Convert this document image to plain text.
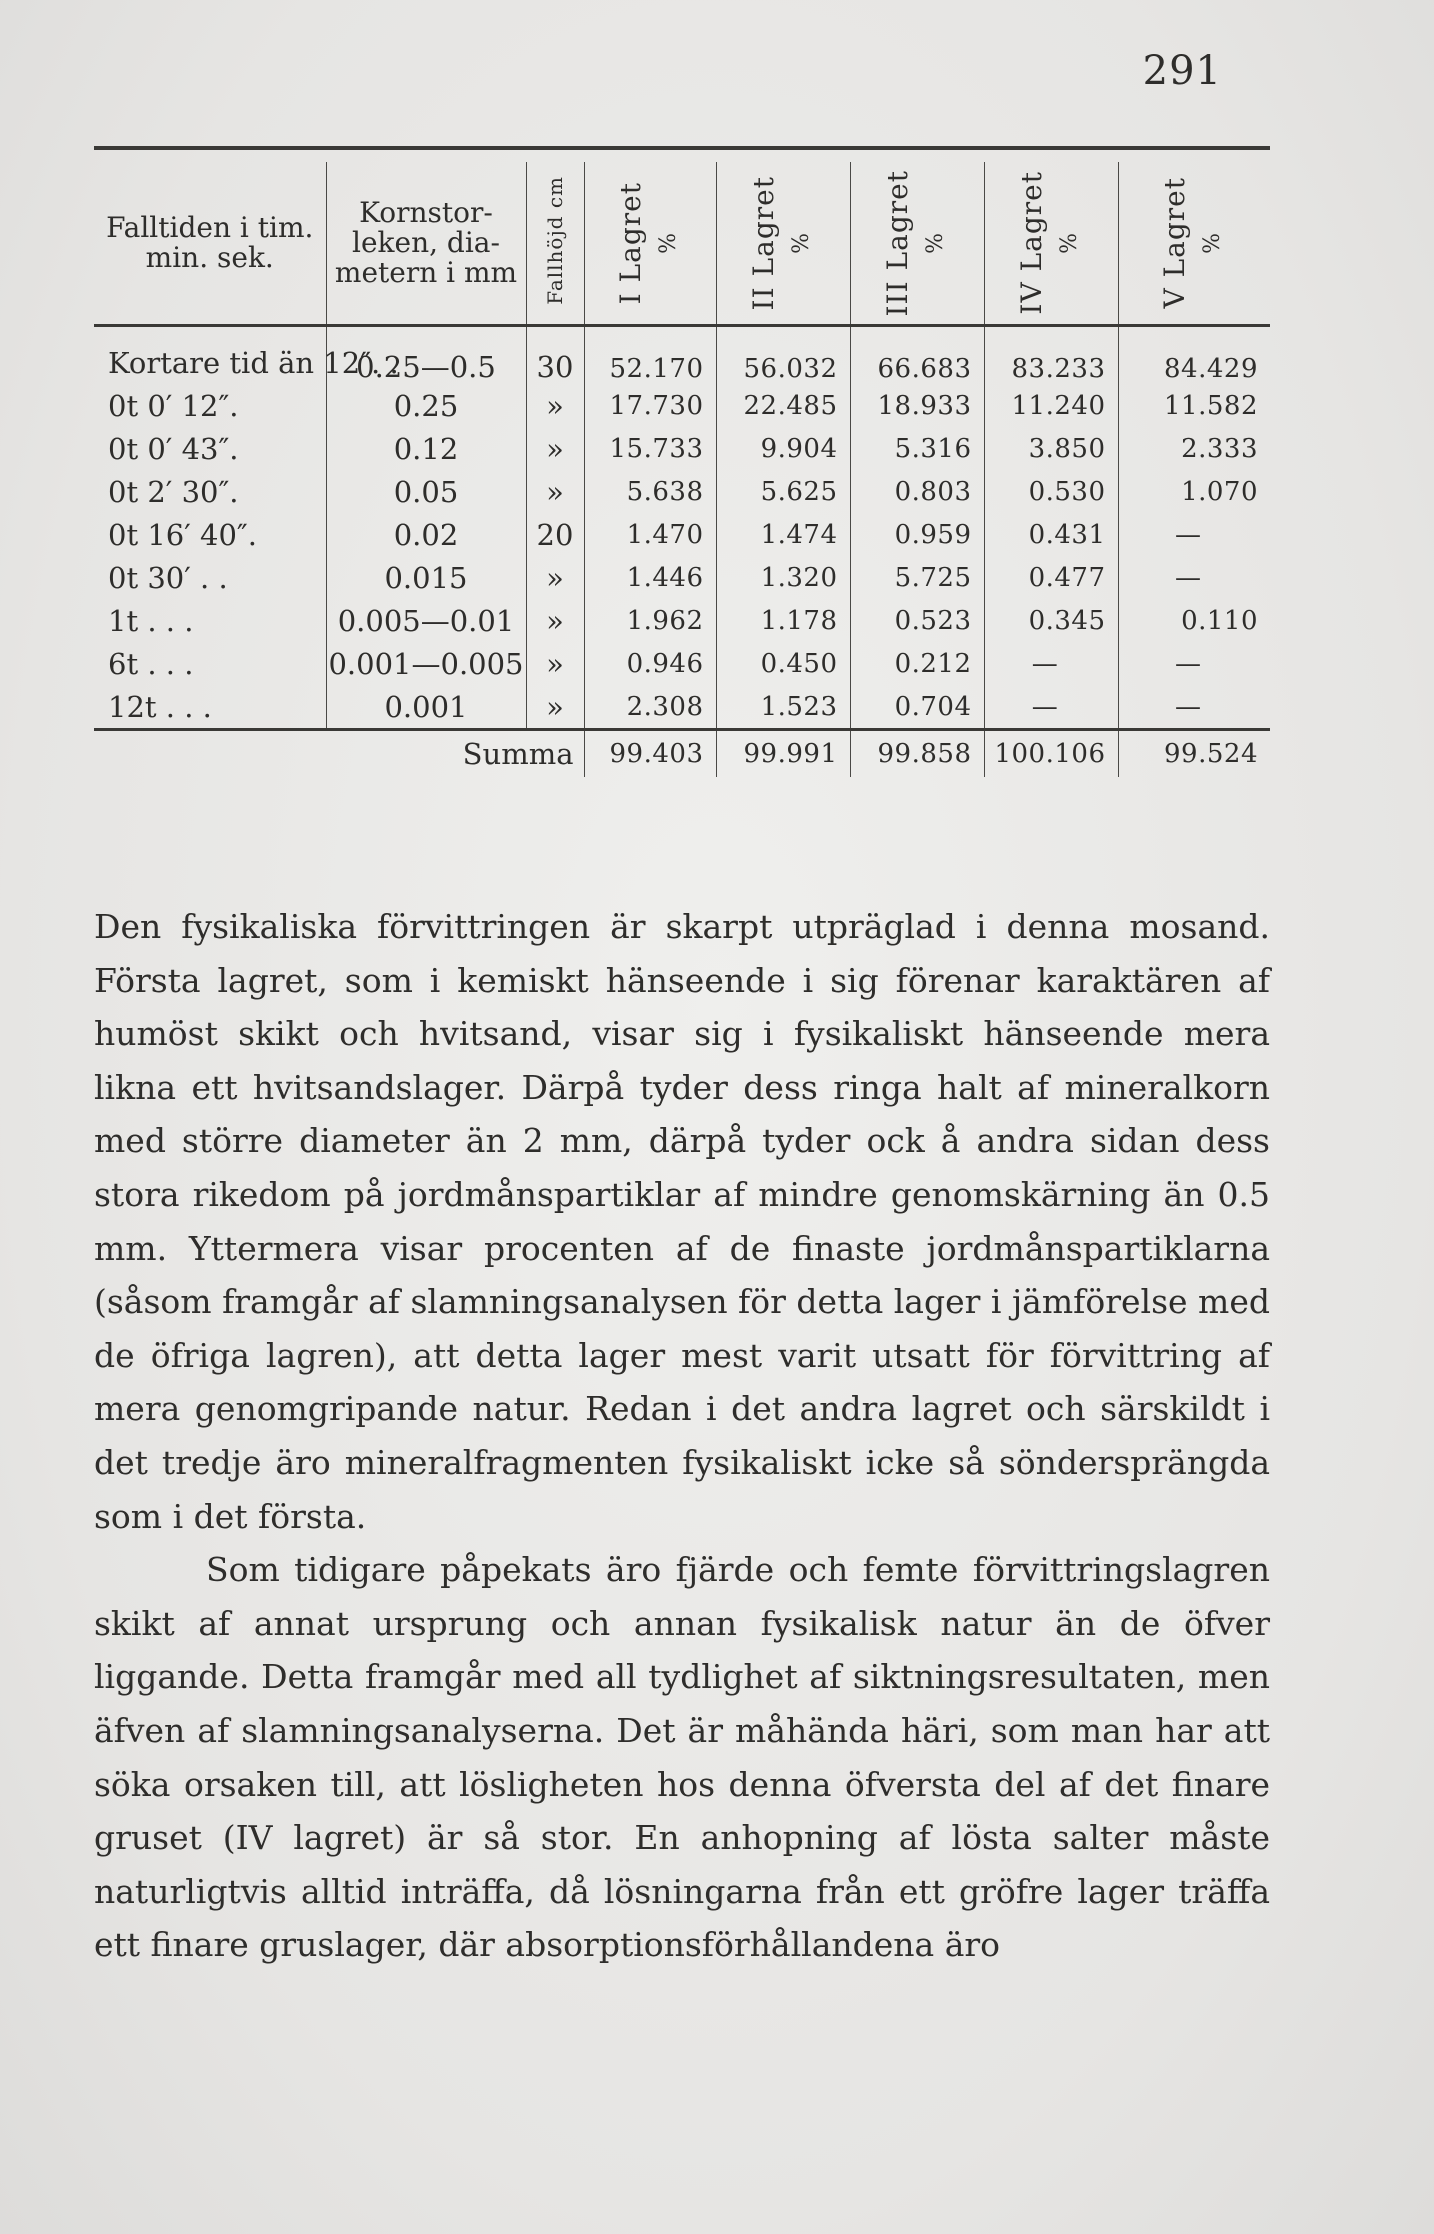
291
Falltiden i tim. min. sek.	Kornstor- leken, dia- metern i mm	Fallhöjd cm	I Lagret %	II Lagret %	III Lagret %	IV Lagret %	V Lagret %

Kortare tid än 12″. .	0.25—0.5	30	52.170	56.032	66.683	83.233	84.429
0t 0′ 12″.	0.25	»	17.730	22.485	18.933	11.240	11.582
0t 0′ 43″.	0.12	»	15.733	9.904	5.316	3.850	2.333
0t 2′ 30″.	0.05	»	5.638	5.625	0.803	0.530	1.070
0t 16′ 40″.	0.02	20	1.470	1.474	0.959	0.431	—
0t 30′ . .	0.015	»	1.446	1.320	5.725	0.477	—
1t . . .	0.005—0.01	»	1.962	1.178	0.523	0.345	0.110
6t . . .	0.001—0.005	»	0.946	0.450	0.212	—	—
12t . . .	0.001	»	2.308	1.523	0.704	—	—
	Summa		99.403	99.991	99.858	100.106	99.524

Den fysikaliska förvittringen är skarpt utpräglad i denna mosand. Första lagret, som i kemiskt hänseende i sig förenar karaktären af humöst skikt och hvitsand, visar sig i fysikaliskt hänseende mera likna ett hvitsandslager. Därpå tyder dess ringa halt af mineralkorn med större diameter än 2 mm, därpå tyder ock å andra sidan dess stora rikedom på jordmånspartiklar af mindre genomskärning än 0.5 mm. Yttermera visar procenten af de finaste jordmånspartiklarna (såsom framgår af slamningsanalysen för detta lager i jämförelse med de öfriga lagren), att detta lager mest varit utsatt för förvittring af mera genomgripande natur. Redan i det andra lagret och särskildt i det tredje äro mineralfragmenten fysikaliskt icke så söndersprängda som i det första.

Som tidigare påpekats äro fjärde och femte förvittringslagren skikt af annat ursprung och annan fysikalisk natur än de öfver liggande. Detta framgår med all tydlighet af siktningsresultaten, men äfven af slamningsanalyserna. Det är måhända häri, som man har att söka orsaken till, att lösligheten hos denna öfversta del af det finare gruset (IV lagret) är så stor. En anhopning af lösta salter måste naturligtvis alltid inträffa, då lösningarna från ett gröfre lager träffa ett finare gruslager, där absorptionsförhållandena äro
